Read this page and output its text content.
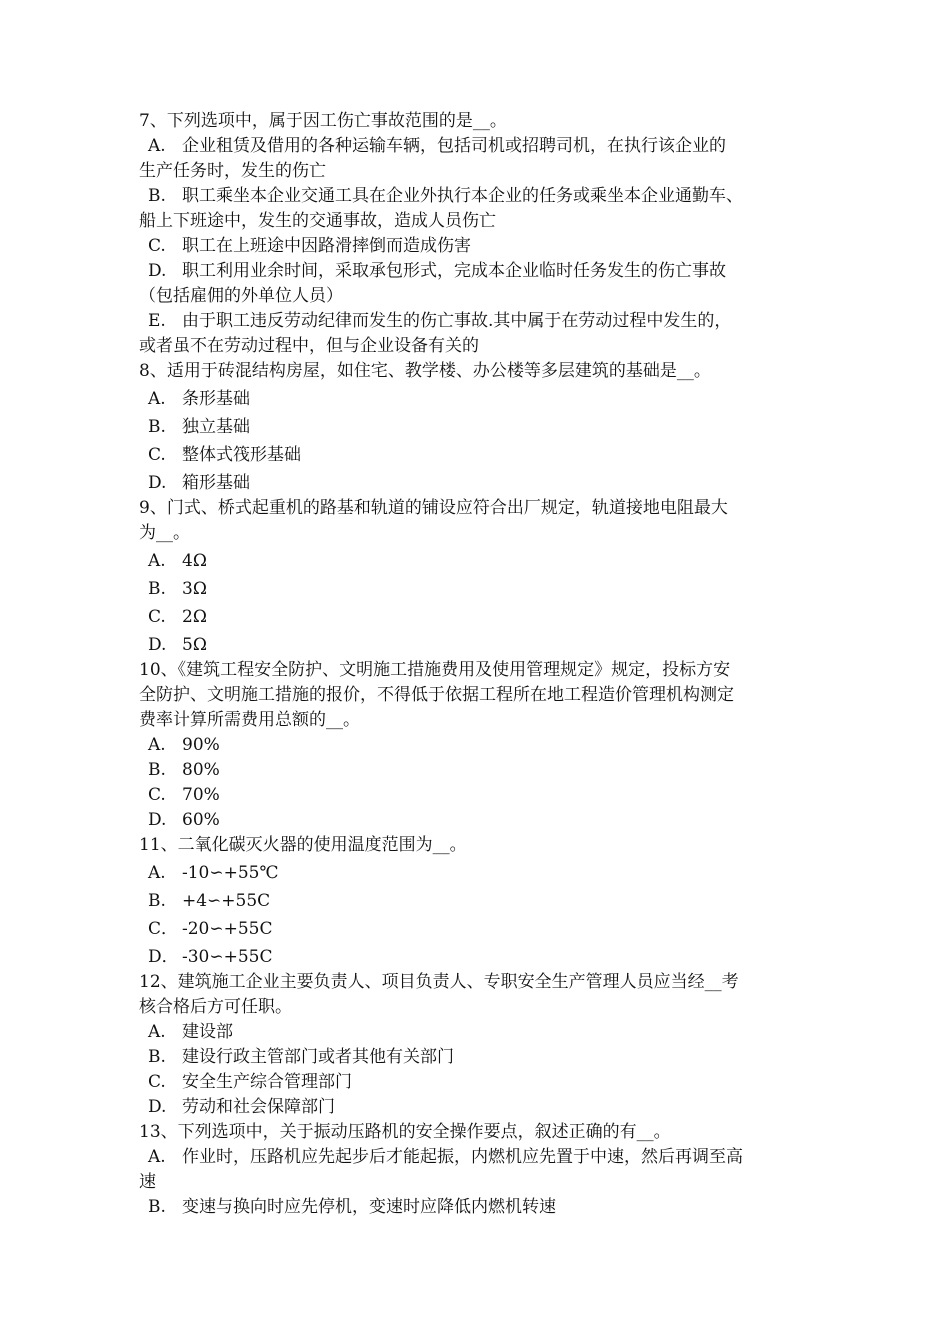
7、下列选项中，属于因工伤亡事故范围的是__。

A. 企业租赁及借用的各种运输车辆，包括司机或招聘司机，在执行该企业的

生产任务时，发生的伤亡

B. 职工乘坐本企业交通工具在企业外执行本企业的任务或乘坐本企业通勤车、

船上下班途中，发生的交通事故，造成人员伤亡

C. 职工在上班途中因路滑摔倒而造成伤害

D. 职工利用业余时间，采取承包形式，完成本企业临时任务发生的伤亡事故

（包括雇佣的外单位人员）

E. 由于职工违反劳动纪律而发生的伤亡事故.其中属于在劳动过程中发生的，

或者虽不在劳动过程中，但与企业设备有关的

8、适用于砖混结构房屋，如住宅、教学楼、办公楼等多层建筑的基础是__。

A. 条形基础

B. 独立基础

C. 整体式筏形基础

D. 箱形基础

9、门式、桥式起重机的路基和轨道的铺设应符合出厂规定，轨道接地电阻最大

为__。

A. 4Ω

B. 3Ω

C. 2Ω

D. 5Ω

10、《建筑工程安全防护、文明施工措施费用及使用管理规定》规定，投标方安

全防护、文明施工措施的报价，不得低于依据工程所在地工程造价管理机构测定

费率计算所需费用总额的__。

A. 90%

B. 80%

C. 70%

D. 60%

11、二氧化碳灭火器的使用温度范围为__。

A. -10∽+55℃

B. +4∽+55C

C． -20∽+55C

D． -30∽+55C

12、建筑施工企业主要负责人、项目负责人、专职安全生产管理人员应当经__考

核合格后方可任职。

A. 建设部

B. 建设行政主管部门或者其他有关部门

C. 安全生产综合管理部门

D. 劳动和社会保障部门

13、下列选项中，关于振动压路机的安全操作要点，叙述正确的有__。

A. 作业时，压路机应先起步后才能起振，内燃机应先置于中速，然后再调至高

速

B. 变速与换向时应先停机，变速时应降低内燃机转速
